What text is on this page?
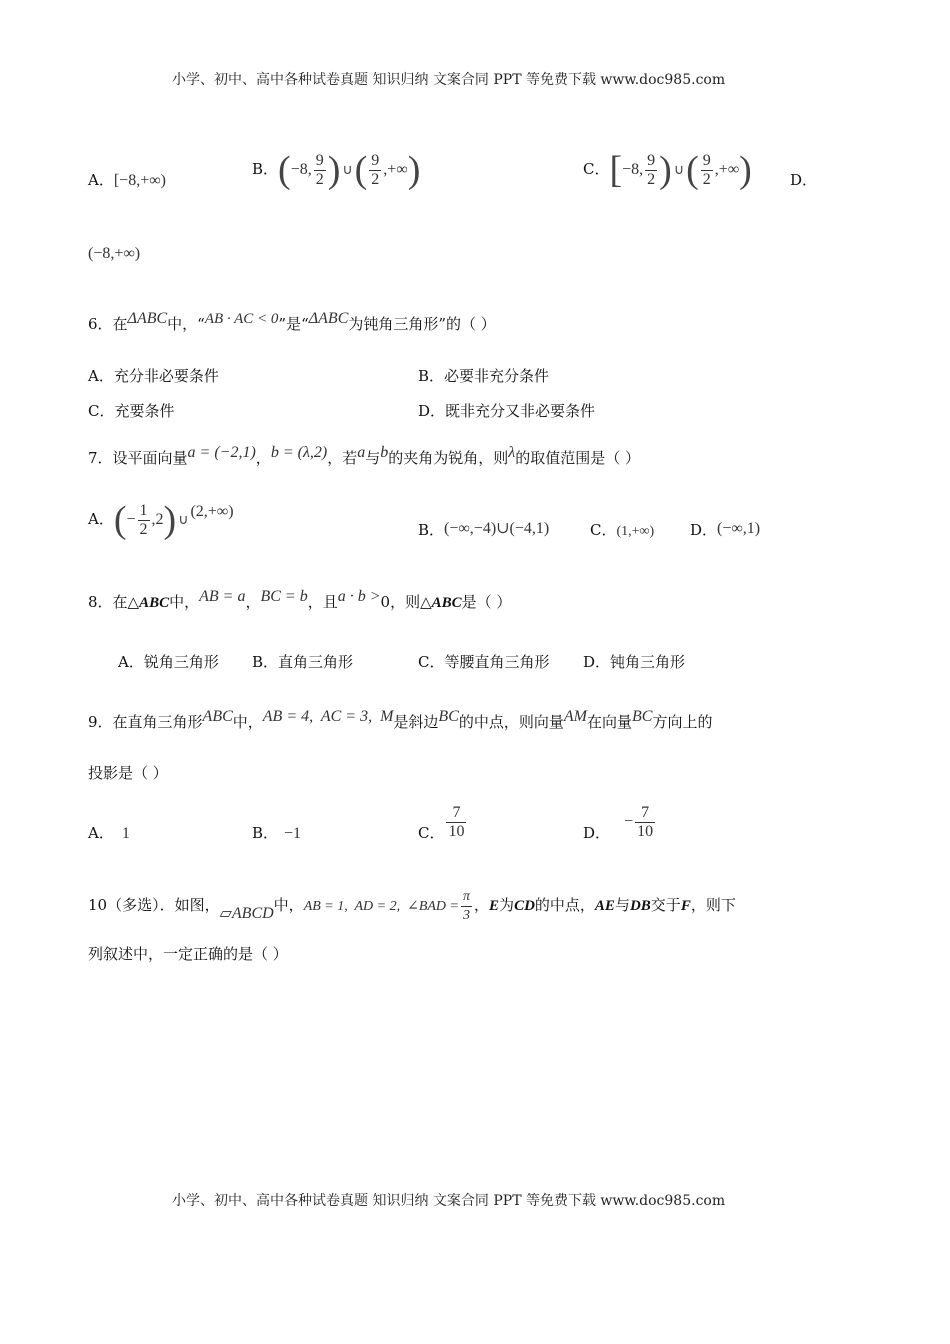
小学、初中、高中各种试卷真题 知识归纳 文案合同 PPT 等免费下载 www.doc985.com
A．[−8,+∞)
B．(−8, $\frac{9}{2}$ ) ∪( $\frac{9}{2}$ ,+∞)	C．[−8, $\frac{9}{2}$ ) ∪( $\frac{9}{2}$ ,+∞)	D．
(−8,+∞)
6．在ΔABC中，“AB · AC < 0”是“ΔABC为钝角三角形”的（ ）
A．充分非必要条件	B．必要非充分条件
C．充要条件	D．既非充分又非必要条件
7．设平面向量a = (−2,1)，b = (λ,2)，若a与b的夹角为锐角，则λ的取值范围是（ ）
A．(− $\frac{1}{2} ,2$) ∪ (2,+∞)
B．(−∞,−4)∪(−4,1)	C．(1,+∞) D．(−∞,1)
8．在△ABC中，AB = a，BC = b，且a · b >0，则△ABC是（ ）
A．锐角三角形 B．直角三角形	C．等腰直角三角形 D．钝角三角形
9．在直角三角形ABC中，AB = 4,  AC = 3,  M是斜边BC的中点，则向量AM在向量BC方向上的
投影是（ ）
A． 1	B． −1	C． $\frac{7}{10}$	D．− $\frac{7}{10}$
10（多选）．如图，▱ABCD中，AB = 1,  AD = 2,  ∠BAD = $\frac{\pi}{3}$ ，E为CD的中点，AE与DB交于F，则下
列叙述中，一定正确的是（ ）
小学、初中、高中各种试卷真题 知识归纳 文案合同 PPT 等免费下载 www.doc985.com
